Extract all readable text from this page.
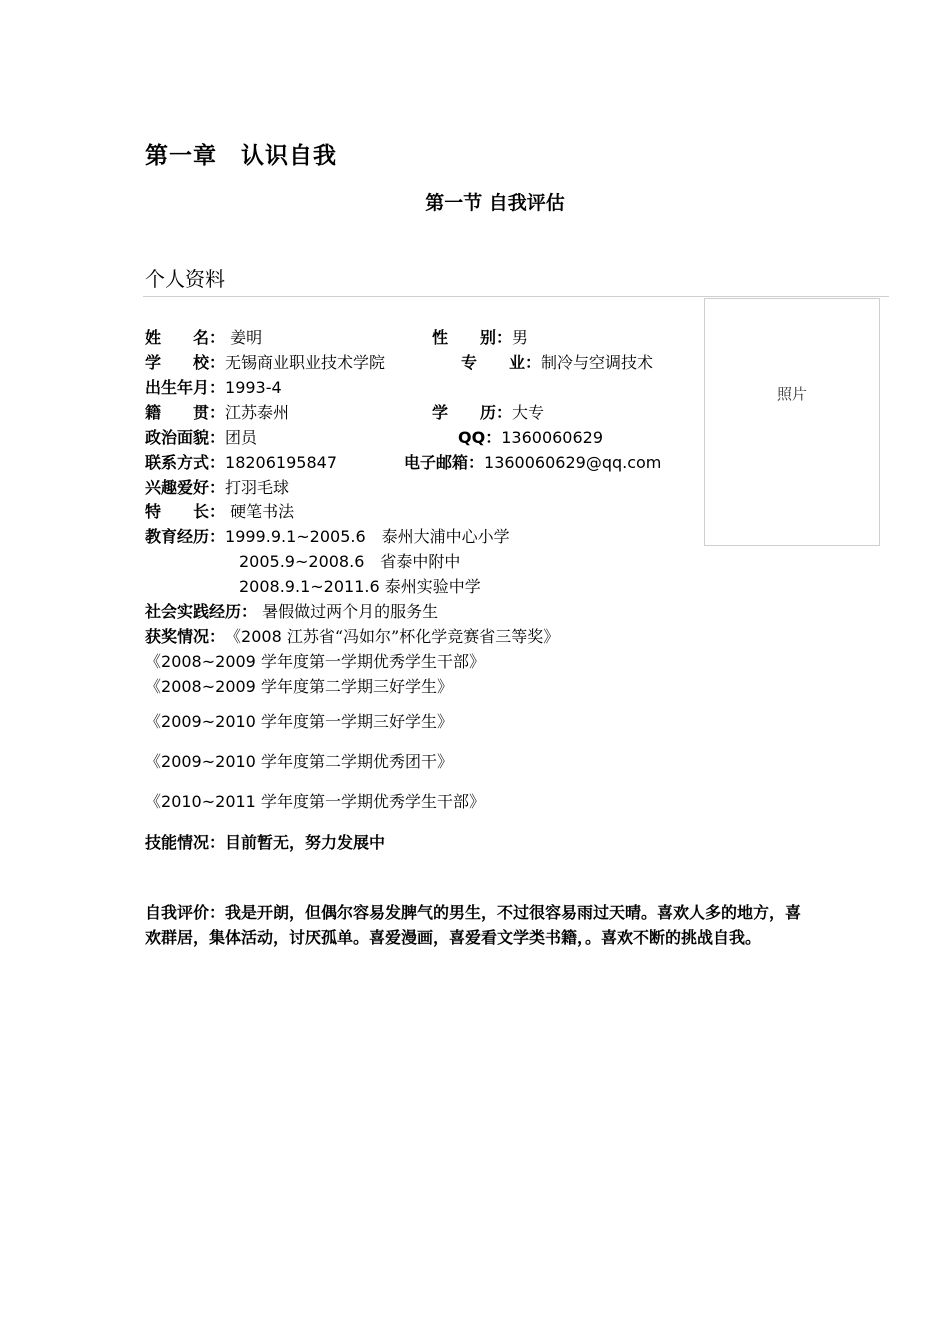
第一章　认识自我
第一节 自我评估
个人资料
照片
姓　　名： 姜明	性　　别：男
学　　校：无锡商业职业技术学院	专　　业：制冷与空调技术
出生年月：1993-4
籍　　贯：江苏泰州	学　　历：大专
政治面貌：团员	QQ：1360060629
联系方式：18206195847	电子邮箱：1360060629@qq.com
兴趣爱好：打羽毛球
特　　长： 硬笔书法
教育经历：1999.9.1~2005.6　泰州大浦中心小学
2005.9~2008.6　省泰中附中
2008.9.1~2011.6 泰州实验中学
社会实践经历： 暑假做过两个月的服务生
获奖情况：　《2008 江苏省“冯如尔”杯化学竞赛省三等奖》
《2008~2009 学年度第一学期优秀学生干部》
《2008~2009 学年度第二学期三好学生》
《2009~2010 学年度第一学期三好学生》
《2009~2010 学年度第二学期优秀团干》
《2010~2011 学年度第一学期优秀学生干部》
技能情况：目前暂无，努力发展中
自我评价：我是开朗，但偶尔容易发脾气的男生，不过很容易雨过天晴。喜欢人多的地方，喜欢群居，集体活动，讨厌孤单。喜爱漫画，喜爱看文学类书籍，。喜欢不断的挑战自我。
